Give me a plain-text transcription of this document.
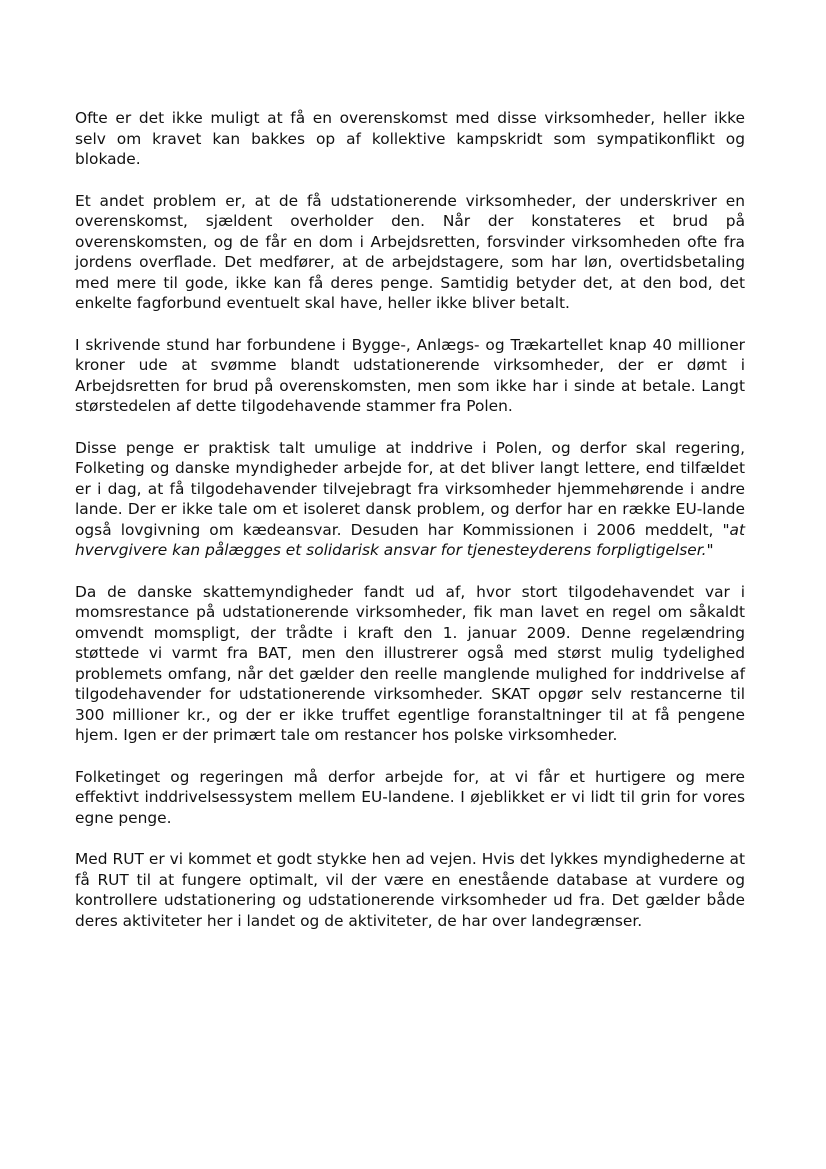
Ofte er det ikke muligt at få en overenskomst med disse virksomheder, heller ikke selv om kravet kan bakkes op af kollektive kampskridt som sympatikonflikt og blokade.

Et andet problem er, at de få udstationerende virksomheder, der underskriver en overenskomst, sjældent overholder den. Når der konstateres et brud på overenskomsten, og de får en dom i Arbejdsretten, forsvinder virksomheden ofte fra jordens overflade. Det medfører, at de arbejdstagere, som har løn, overtidsbetaling med mere til gode, ikke kan få deres penge. Samtidig betyder det, at den bod, det enkelte fagforbund eventuelt skal have, heller ikke bliver betalt.

I skrivende stund har forbundene i Bygge-, Anlægs- og Trækartellet knap 40 millioner kroner ude at svømme blandt udstationerende virksomheder, der er dømt i Arbejdsretten for brud på overenskomsten, men som ikke har i sinde at betale. Langt størstedelen af dette tilgodehavende stammer fra Polen.

Disse penge er praktisk talt umulige at inddrive i Polen, og derfor skal regering, Folketing og danske myndigheder arbejde for, at det bliver langt lettere, end tilfældet er i dag, at få tilgodehavender tilvejebragt fra virksomheder hjemmehørende i andre lande. Der er ikke tale om et isoleret dansk problem, og derfor har en række EU-lande også lovgivning om kædeansvar. Desuden har Kommissionen i 2006 meddelt, "at hvervgivere kan pålægges et solidarisk ansvar for tjenesteyderens forpligtigelser."

Da de danske skattemyndigheder fandt ud af, hvor stort tilgodehavendet var i momsrestance på udstationerende virksomheder, fik man lavet en regel om såkaldt omvendt momspligt, der trådte i kraft den 1. januar 2009. Denne regelændring støttede vi varmt fra BAT, men den illustrerer også med størst mulig tydelighed problemets omfang, når det gælder den reelle manglende mulighed for inddrivelse af tilgodehavender for udstationerende virksomheder. SKAT opgør selv restancerne til 300 millioner kr., og der er ikke truffet egentlige foranstaltninger til at få pengene hjem. Igen er der primært tale om restancer hos polske virksomheder.

Folketinget og regeringen må derfor arbejde for, at vi får et hurtigere og mere effektivt inddrivelsessystem mellem EU-landene. I øjeblikket er vi lidt til grin for vores egne penge.

Med RUT er vi kommet et godt stykke hen ad vejen. Hvis det lykkes myndighederne at få RUT til at fungere optimalt, vil der være en enestående database at vurdere og kontrollere udstationering og udstationerende virksomheder ud fra. Det gælder både deres aktiviteter her i landet og de aktiviteter, de har over landegrænser.
